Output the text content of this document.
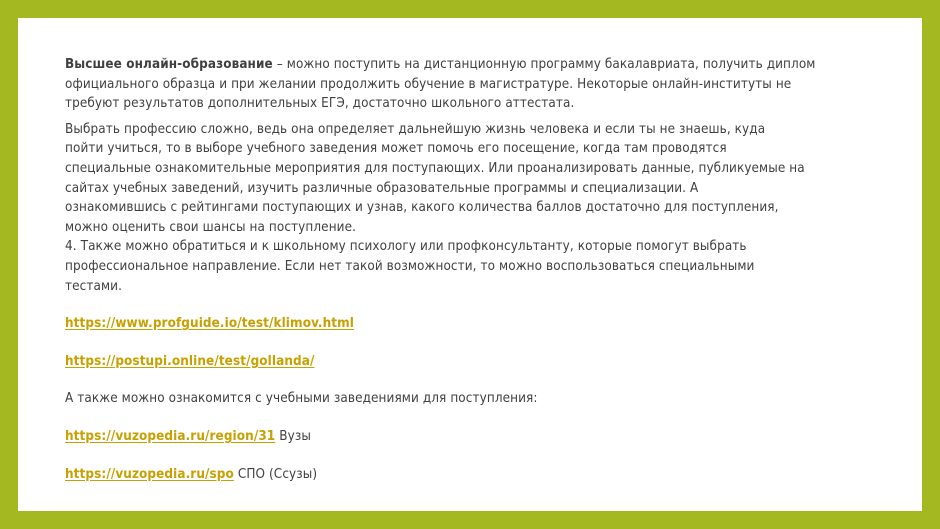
Высшее онлайн-образование – можно поступить на дистанционную программу бакалавриата, получить диплом
официального образца и при желании продолжить обучение в магистратуре. Некоторые онлайн-институты не
требуют результатов дополнительных ЕГЭ, достаточно школьного аттестата.

Выбрать профессию сложно, ведь она определяет дальнейшую жизнь человека и если ты не знаешь, куда
пойти учиться, то в выборе учебного заведения может помочь его посещение, когда там проводятся
специальные ознакомительные мероприятия для поступающих. Или проанализировать данные, публикуемые на
сайтах учебных заведений, изучить различные образовательные программы и специализации. А
ознакомившись с рейтингами поступающих и узнав, какого количества баллов достаточно для поступления,
можно оценить свои шансы на поступление.
4. Также можно обратиться и к школьному психологу или профконсультанту, которые помогут выбрать
профессиональное направление. Если нет такой возможности, то можно воспользоваться специальными
тестами.

https://www.profguide.io/test/klimov.html

https://postupi.online/test/gollanda/

А также можно ознакомится с учебными заведениями для поступления:

https://vuzopedia.ru/region/31 Вузы

https://vuzopedia.ru/spo СПО (Ссузы)
